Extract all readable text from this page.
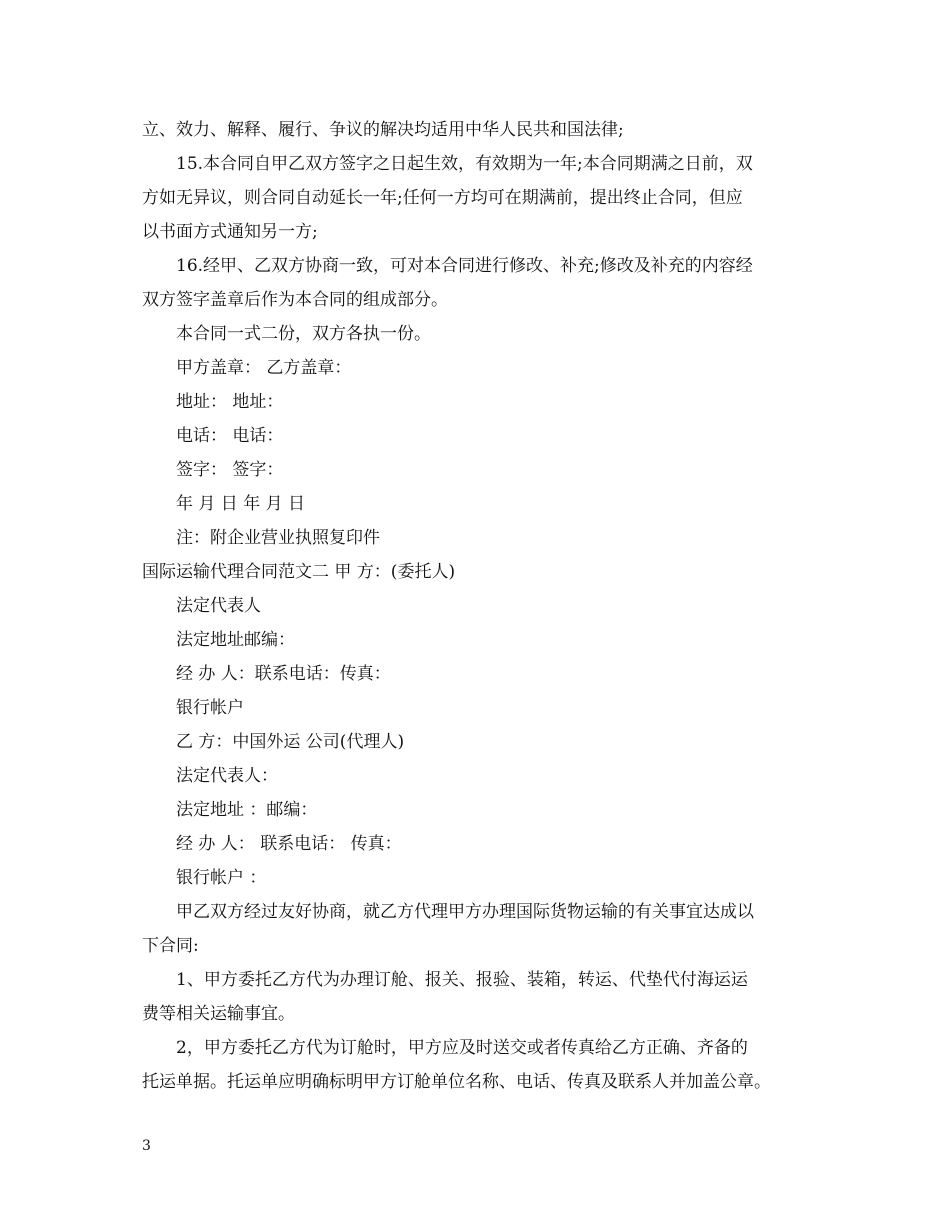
立、效力、解释、履行、争议的解决均适用中华人民共和国法律;
15.本合同自甲乙双方签字之日起生效，有效期为一年;本合同期满之日前，双
方如无异议，则合同自动延长一年;任何一方均可在期满前，提出终止合同，但应
以书面方式通知另一方;
16.经甲、乙双方协商一致，可对本合同进行修改、补充;修改及补充的内容经
双方签字盖章后作为本合同的组成部分。
本合同一式二份，双方各执一份。
甲方盖章： 乙方盖章：
地址： 地址：
电话： 电话：
签字： 签字：
年 月 日 年 月 日
注：附企业营业执照复印件
国际运输代理合同范文二 甲 方：(委托人)
法定代表人
法定地址邮编：
经 办 人：联系电话：传真：
银行帐户
乙 方：中国外运 公司(代理人)
法定代表人：
法定地址 ：邮编：
经 办 人： 联系电话： 传真：
银行帐户 ：
甲乙双方经过友好协商，就乙方代理甲方办理国际货物运输的有关事宜达成以
下合同:
1、甲方委托乙方代为办理订舱、报关、报验、装箱，转运、代垫代付海运运
费等相关运输事宜。
2，甲方委托乙方代为订舱时，甲方应及时送交或者传真给乙方正确、齐备的
托运单据。托运单应明确标明甲方订舱单位名称、电话、传真及联系人并加盖公章。
3
